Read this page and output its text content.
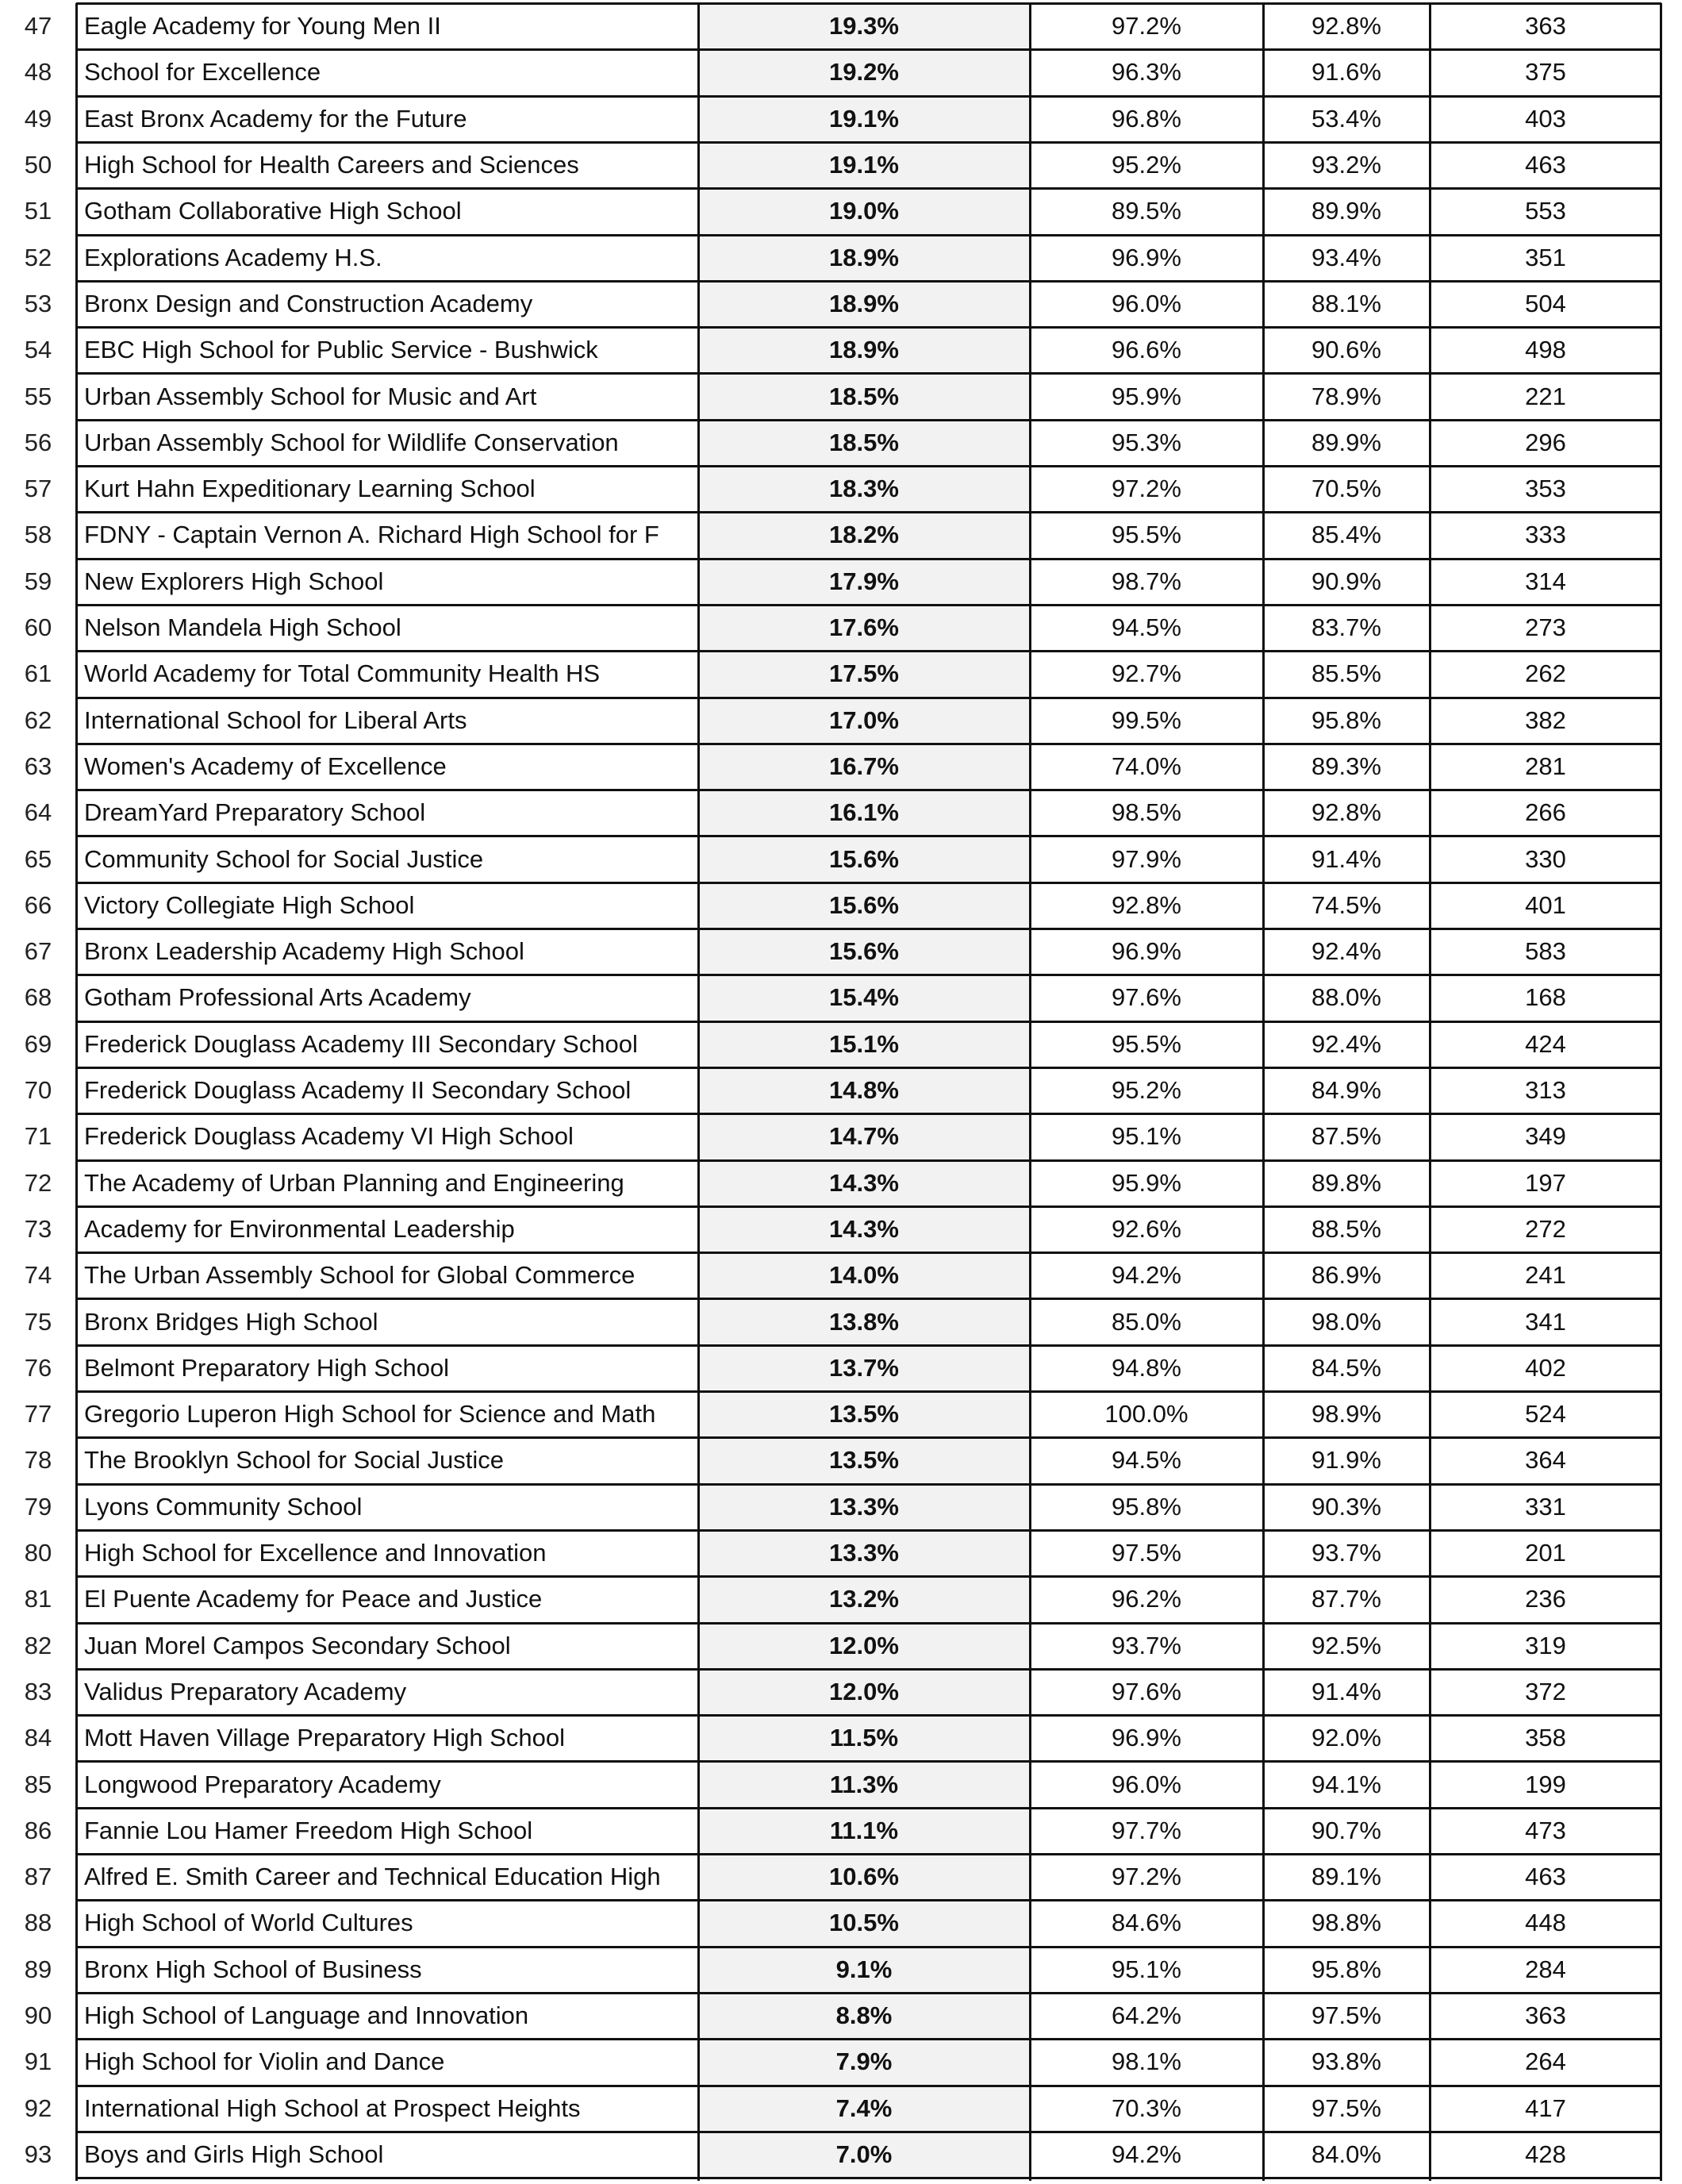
47	Eagle Academy for Young Men II	19.3%	97.2%	92.8%	363
48	School for Excellence	19.2%	96.3%	91.6%	375
49	East Bronx Academy for the Future	19.1%	96.8%	53.4%	403
50	High School for Health Careers and Sciences	19.1%	95.2%	93.2%	463
51	Gotham Collaborative High School	19.0%	89.5%	89.9%	553
52	Explorations Academy H.S.	18.9%	96.9%	93.4%	351
53	Bronx Design and Construction Academy	18.9%	96.0%	88.1%	504
54	EBC High School for Public Service - Bushwick	18.9%	96.6%	90.6%	498
55	Urban Assembly School for Music and Art	18.5%	95.9%	78.9%	221
56	Urban Assembly School for Wildlife Conservation	18.5%	95.3%	89.9%	296
57	Kurt Hahn Expeditionary Learning School	18.3%	97.2%	70.5%	353
58	FDNY - Captain Vernon A. Richard High School for F	18.2%	95.5%	85.4%	333
59	New Explorers High School	17.9%	98.7%	90.9%	314
60	Nelson Mandela High School	17.6%	94.5%	83.7%	273
61	World Academy for Total Community Health HS	17.5%	92.7%	85.5%	262
62	International School for Liberal Arts	17.0%	99.5%	95.8%	382
63	Women's Academy of Excellence	16.7%	74.0%	89.3%	281
64	DreamYard Preparatory School	16.1%	98.5%	92.8%	266
65	Community School for Social Justice	15.6%	97.9%	91.4%	330
66	Victory Collegiate High School	15.6%	92.8%	74.5%	401
67	Bronx Leadership Academy High School	15.6%	96.9%	92.4%	583
68	Gotham Professional Arts Academy	15.4%	97.6%	88.0%	168
69	Frederick Douglass Academy III Secondary School	15.1%	95.5%	92.4%	424
70	Frederick Douglass Academy II Secondary School	14.8%	95.2%	84.9%	313
71	Frederick Douglass Academy VI High School	14.7%	95.1%	87.5%	349
72	The Academy of Urban Planning and Engineering	14.3%	95.9%	89.8%	197
73	Academy for Environmental Leadership	14.3%	92.6%	88.5%	272
74	The Urban Assembly School for Global Commerce	14.0%	94.2%	86.9%	241
75	Bronx Bridges High School	13.8%	85.0%	98.0%	341
76	Belmont Preparatory High School	13.7%	94.8%	84.5%	402
77	Gregorio Luperon High School for Science and Math	13.5%	100.0%	98.9%	524
78	The Brooklyn School for Social Justice	13.5%	94.5%	91.9%	364
79	Lyons Community School	13.3%	95.8%	90.3%	331
80	High School for Excellence and Innovation	13.3%	97.5%	93.7%	201
81	El Puente Academy for Peace and Justice	13.2%	96.2%	87.7%	236
82	Juan Morel Campos Secondary School	12.0%	93.7%	92.5%	319
83	Validus Preparatory Academy	12.0%	97.6%	91.4%	372
84	Mott Haven Village Preparatory High School	11.5%	96.9%	92.0%	358
85	Longwood Preparatory Academy	11.3%	96.0%	94.1%	199
86	Fannie Lou Hamer Freedom High School	11.1%	97.7%	90.7%	473
87	Alfred E. Smith Career and Technical Education High	10.6%	97.2%	89.1%	463
88	High School of World Cultures	10.5%	84.6%	98.8%	448
89	Bronx High School of Business	9.1%	95.1%	95.8%	284
90	High School of Language and Innovation	8.8%	64.2%	97.5%	363
91	High School for Violin and Dance	7.9%	98.1%	93.8%	264
92	International High School at Prospect Heights	7.4%	70.3%	97.5%	417
93	Boys and Girls High School	7.0%	94.2%	84.0%	428
